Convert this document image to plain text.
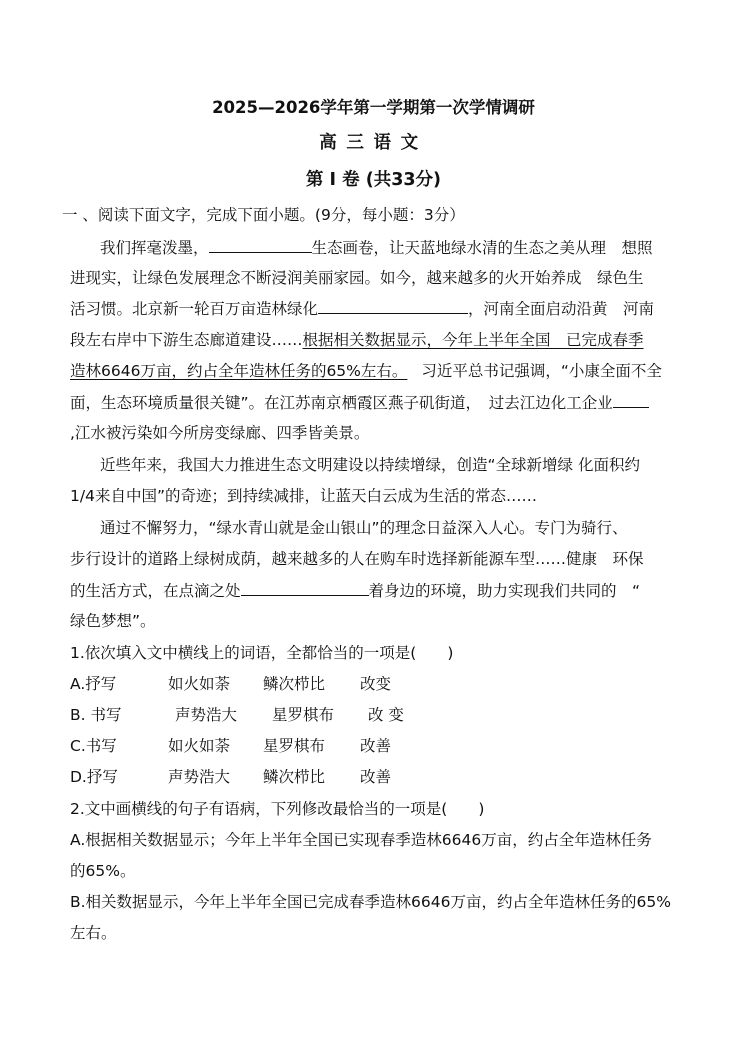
2025—2026学年第一学期第一次学情调研
高三语文
第 I 卷 (共33分)
一 、阅读下面文字，完成下面小题。(9分，每小题：3分）
我们挥毫泼墨，	生态画卷，让天蓝地绿水清的生态之美从理　想照
进现实，让绿色发展理念不断浸润美丽家园。如今，越来越多的火开始养成　绿色生
活习惯。北京新一轮百万亩造林绿化	，河南全面启动沿黄　河南
段左右岸中下游生态廊道建设……根据相关数据显示，今年上半年全国　已完成春季
造林6646万亩，约占全年造林任务的65%左右。 习近平总书记强调，“小康全面不全
面，生态环境质量很关键”。在江苏南京栖霞区燕子矶街道，　过去江边化工企业
,江水被污染如今所房变绿廊、四季皆美景。
近些年来，我国大力推进生态文明建设以持续增绿，创造“全球新增绿 化面积约
1/4来自中国”的奇迹；到持续减排，让蓝天白云成为生活的常态……
通过不懈努力，“绿水青山就是金山银山”的理念日益深入人心。专门为骑行、
步行设计的道路上绿树成荫，越来越多的人在购车时选择新能源车型……健康　环保
的生活方式，在点滴之处	着身边的环境，助力实现我们共同的　“
绿色梦想”。
1.依次填入文中横线上的词语，全都恰当的一项是(　　)
A.抒写	如火如荼 鳞次栉比 改变
B. 书写	声势浩大 星罗棋布 改 变
C.书写	如火如荼 星罗棋布 改善
D.抒写	声势浩大 鳞次栉比 改善
2.文中画横线的句子有语病，下列修改最恰当的一项是(　　)
A.根据相关数据显示；今年上半年全国已实现春季造林6646万亩，约占全年造林任务
的65%。
B.相关数据显示，今年上半年全国已完成春季造林6646万亩，约占全年造林任务的65%
左右。
